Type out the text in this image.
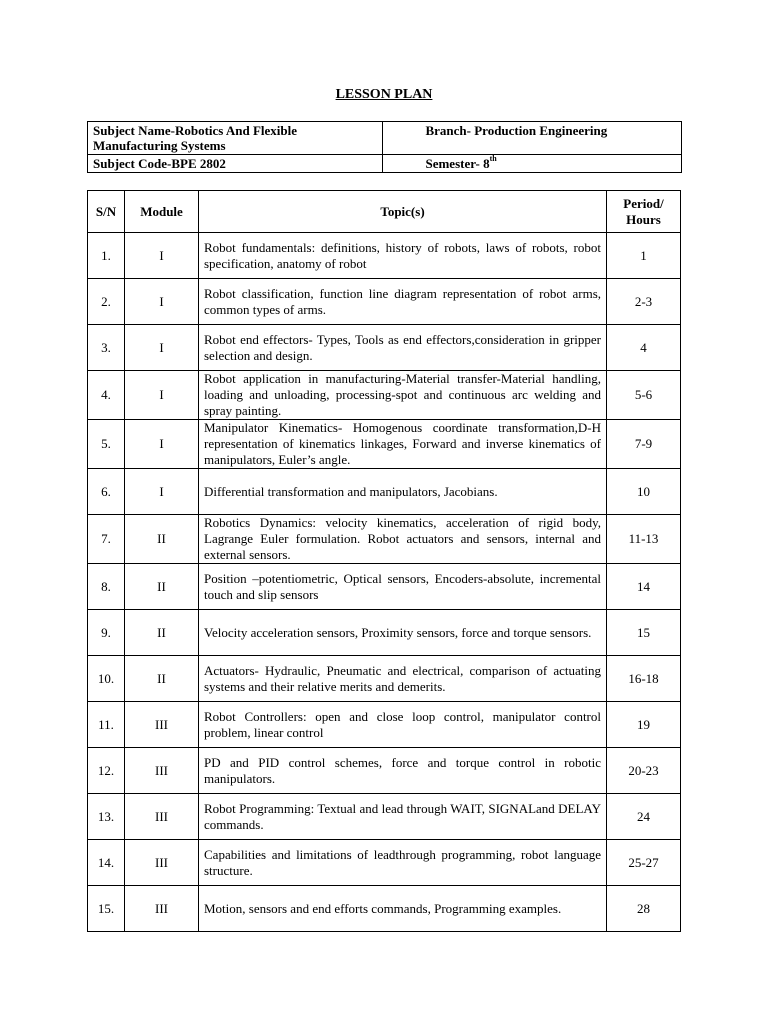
LESSON PLAN
Subject Name-Robotics And Flexible Manufacturing Systems	Branch- Production Engineering
Subject Code-BPE 2802	Semester- 8th
S/N	Module	Topic(s)	Period/ Hours
1.	I	Robot fundamentals: definitions, history of robots, laws of robots, robot specification, anatomy of robot	1
2.	I	Robot classification, function line diagram representation of robot arms, common types of arms.	2-3
3.	I	Robot end effectors- Types, Tools as end effectors,consideration in gripper selection and design.	4
4.	I	Robot application in manufacturing-Material transfer-Material handling, loading and unloading, processing-spot and continuous arc welding and spray painting.	5-6
5.	I	Manipulator Kinematics- Homogenous coordinate transformation,D-H representation of kinematics linkages, Forward and inverse kinematics of manipulators, Euler’s angle.	7-9
6.	I	Differential transformation and manipulators, Jacobians.	10
7.	II	Robotics Dynamics: velocity kinematics, acceleration of rigid body, Lagrange Euler formulation. Robot actuators and sensors, internal and external sensors.	11-13
8.	II	Position –potentiometric, Optical sensors, Encoders-absolute, incremental touch and slip sensors	14
9.	II	Velocity acceleration sensors, Proximity sensors, force and torque sensors.	15
10.	II	Actuators- Hydraulic, Pneumatic and electrical, comparison of actuating systems and their relative merits and demerits.	16-18
11.	III	Robot Controllers: open and close loop control, manipulator control problem, linear control	19
12.	III	PD and PID control schemes, force and torque control in robotic manipulators.	20-23
13.	III	Robot Programming: Textual and lead through WAIT, SIGNALand DELAY commands.	24
14.	III	Capabilities and limitations of leadthrough programming, robot language structure.	25-27
15.	III	Motion, sensors and end efforts commands, Programming examples.	28
